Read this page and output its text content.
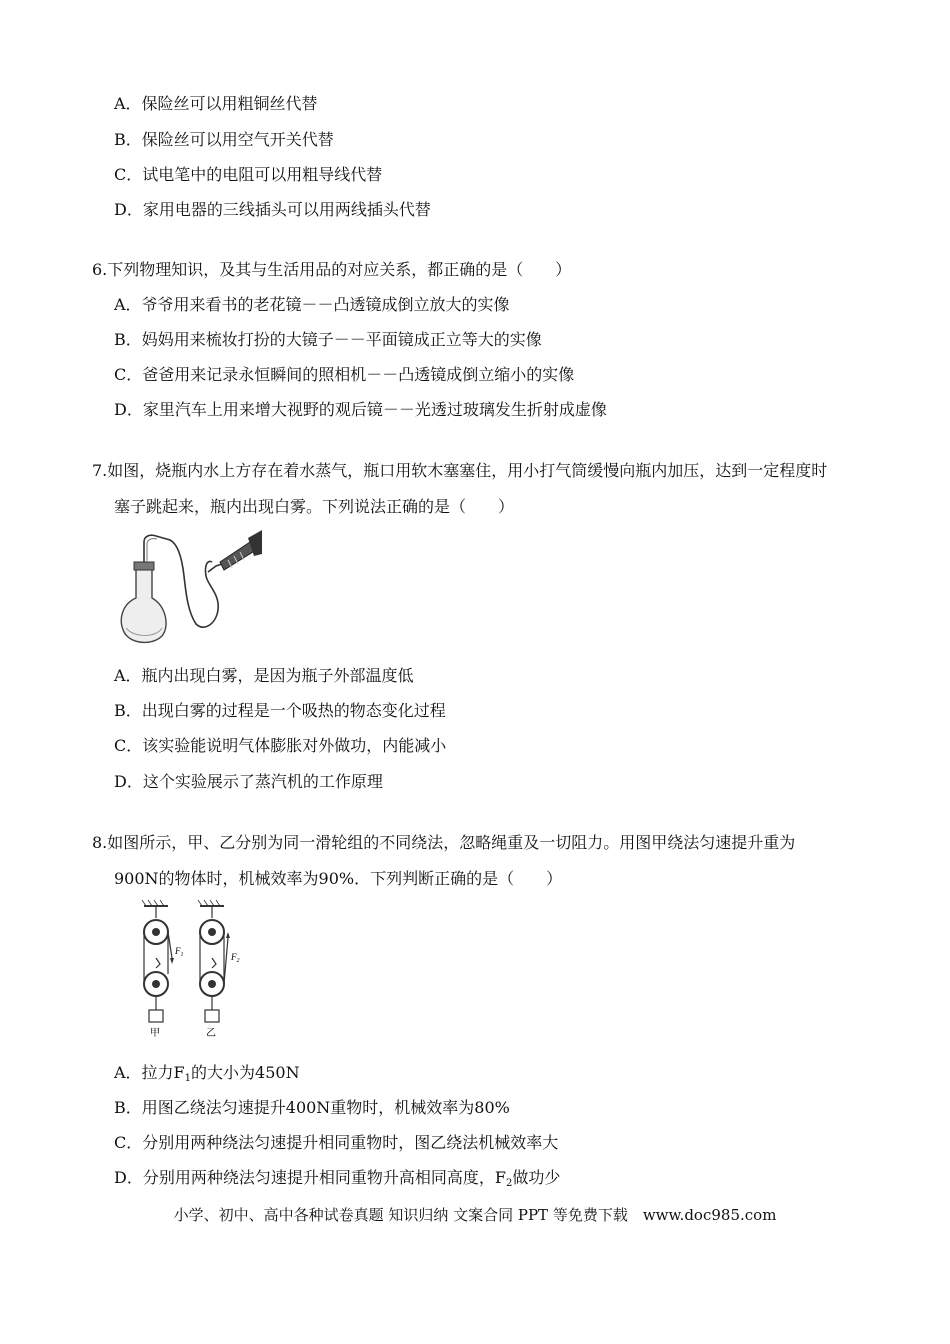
A．保险丝可以用粗铜丝代替
B．保险丝可以用空气开关代替
C．试电笔中的电阻可以用粗导线代替
D．家用电器的三线插头可以用两线插头代替
6.下列物理知识，及其与生活用品的对应关系，都正确的是（　　）
A．爷爷用来看书的老花镜－－凸透镜成倒立放大的实像
B．妈妈用来梳妆打扮的大镜子－－平面镜成正立等大的实像
C．爸爸用来记录永恒瞬间的照相机－－凸透镜成倒立缩小的实像
D．家里汽车上用来增大视野的观后镜－－光透过玻璃发生折射成虚像
7.如图，烧瓶内水上方存在着水蒸气，瓶口用软木塞塞住，用小打气筒缓慢向瓶内加压，达到一定程度时
塞子跳起来，瓶内出现白雾。下列说法正确的是（　　）
A．瓶内出现白雾，是因为瓶子外部温度低
B．出现白雾的过程是一个吸热的物态变化过程
C．该实验能说明气体膨胀对外做功，内能减小
D．这个实验展示了蒸汽机的工作原理
8.如图所示，甲、乙分别为同一滑轮组的不同绕法，忽略绳重及一切阻力。用图甲绕法匀速提升重为
900N的物体时，机械效率为90%．下列判断正确的是（　　）
$F_1$
甲
$F_2$
乙
A．拉力$F_1$的大小为450N
B．用图乙绕法匀速提升400N重物时，机械效率为80%
C．分别用两种绕法匀速提升相同重物时，图乙绕法机械效率大
D．分别用两种绕法匀速提升相同重物升高相同高度，$F_2$做功少
小学、初中、高中各种试卷真题 知识归纳 文案合同 PPT 等免费下载　www.doc985.com
